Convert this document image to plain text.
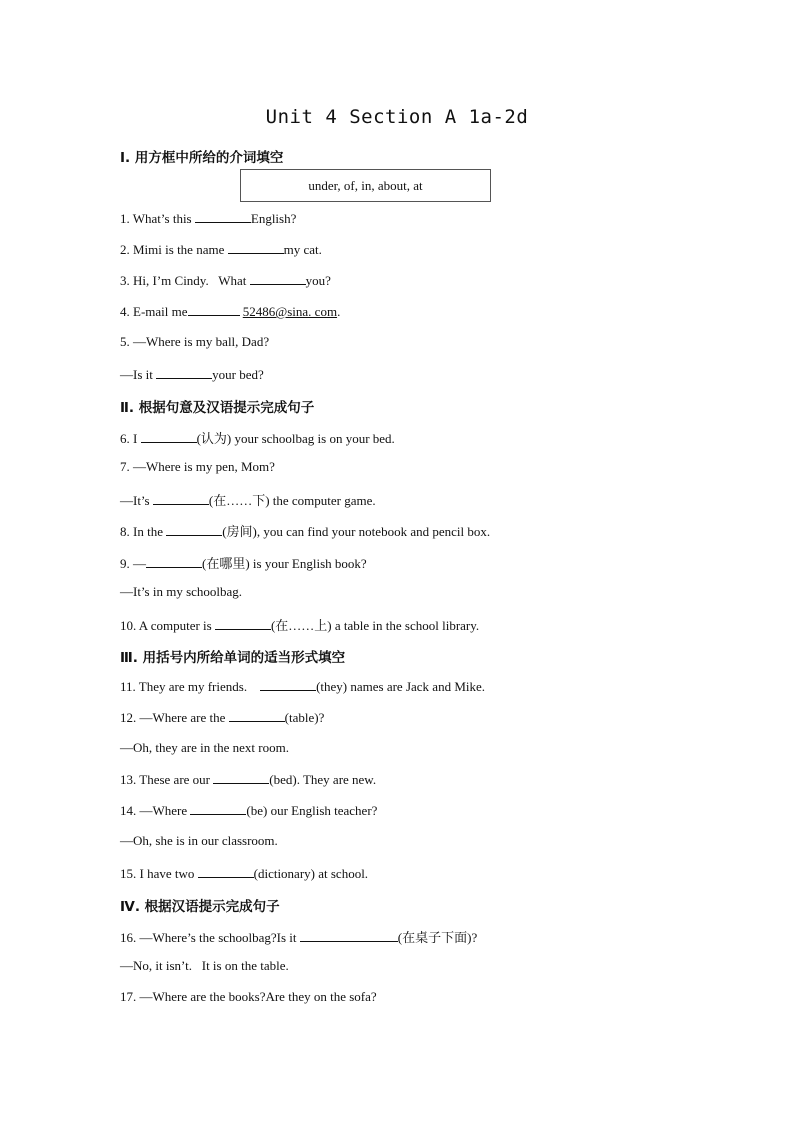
Unit 4 Section A 1a-2d
Ⅰ. 用方框中所给的介词填空
under, of, in, about, at
1. What’s this	English?
2. Mimi is the name	my cat.
3. Hi, I’m Cindy.   What	you?
4. E-mail me	52486@sina. com.
5. —Where is my ball, Dad?
—Is it	your bed?
Ⅱ. 根据句意及汉语提示完成句子
6. I	(认为) your schoolbag is on your bed.
7. —Where is my pen, Mom?
—It’s	(在……下) the computer game.
8. In the	(房间), you can find your notebook and pencil box.
9. —	(在哪里) is your English book?
—It’s in my schoolbag.
10. A computer is	(在……上) a table in the school library.
Ⅲ. 用括号内所给单词的适当形式填空
11. They are my friends.	(they) names are Jack and Mike.
12. —Where are the	(table)?
—Oh, they are in the next room.
13. These are our	(bed). They are new.
14. —Where	(be) our English teacher?
—Oh, she is in our classroom.
15. I have two	(dictionary) at school.
Ⅳ. 根据汉语提示完成句子
16. —Where’s the schoolbag?Is it	(在桌子下面)?
—No, it isn’t.   It is on the table.
17. —Where are the books?Are they on the sofa?
